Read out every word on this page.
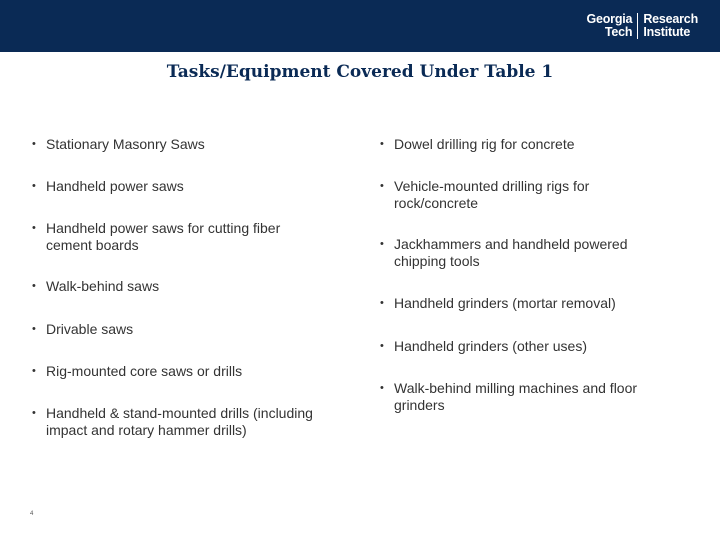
Georgia
Tech
Research
Institute
Tasks/Equipment Covered Under Table 1
• Stationary Masonry Saws
• Handheld power saws
• Handheld power saws for cutting fiber cement boards
• Walk-behind saws
• Drivable saws
• Rig-mounted core saws or drills
• Handheld & stand-mounted drills (including impact and rotary hammer drills)
• Dowel drilling rig for concrete
• Vehicle-mounted drilling rigs for rock/concrete
• Jackhammers and handheld powered chipping tools
• Handheld grinders (mortar removal)
• Handheld grinders (other uses)
• Walk-behind milling machines and floor grinders
4
